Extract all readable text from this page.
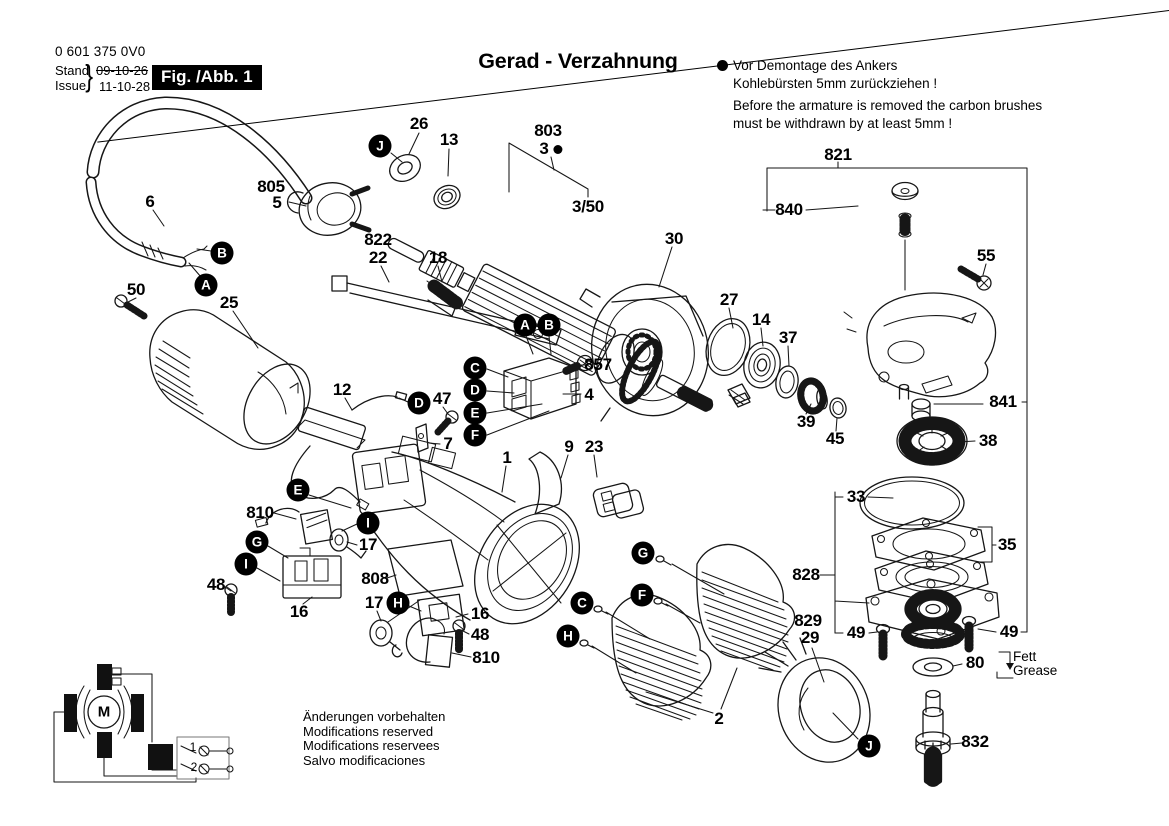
0 601 375 0V0
Stand
Issue } 09-10-26
11-10-28
Fig. /Abb. 1
Gerad - Verzahnung	Vor Demontage des Ankers
Kohlebürsten 5mm zurückziehen !
Before the armature is removed the carbon brushes
must be withdrawn by at least 5mm !
Fett
Grease
Änderungen vorbehalten
Modifications reserved
Modifications reservees
Salvo modificaciones
M
1
2
26
13	803
3
3/50
805
5
6
50
25
822
22 18
12	47
7
857
4
1
9 23
30
27
14
37
39
45
821
840
55
841
38
33
35
828
829
29 49	49
80
832
810
17
48
16
808
17
16
48
810
2
J
B
A
A	B
C
D
E
F
D
E
I
G
I
H
G
F
C
H
J
